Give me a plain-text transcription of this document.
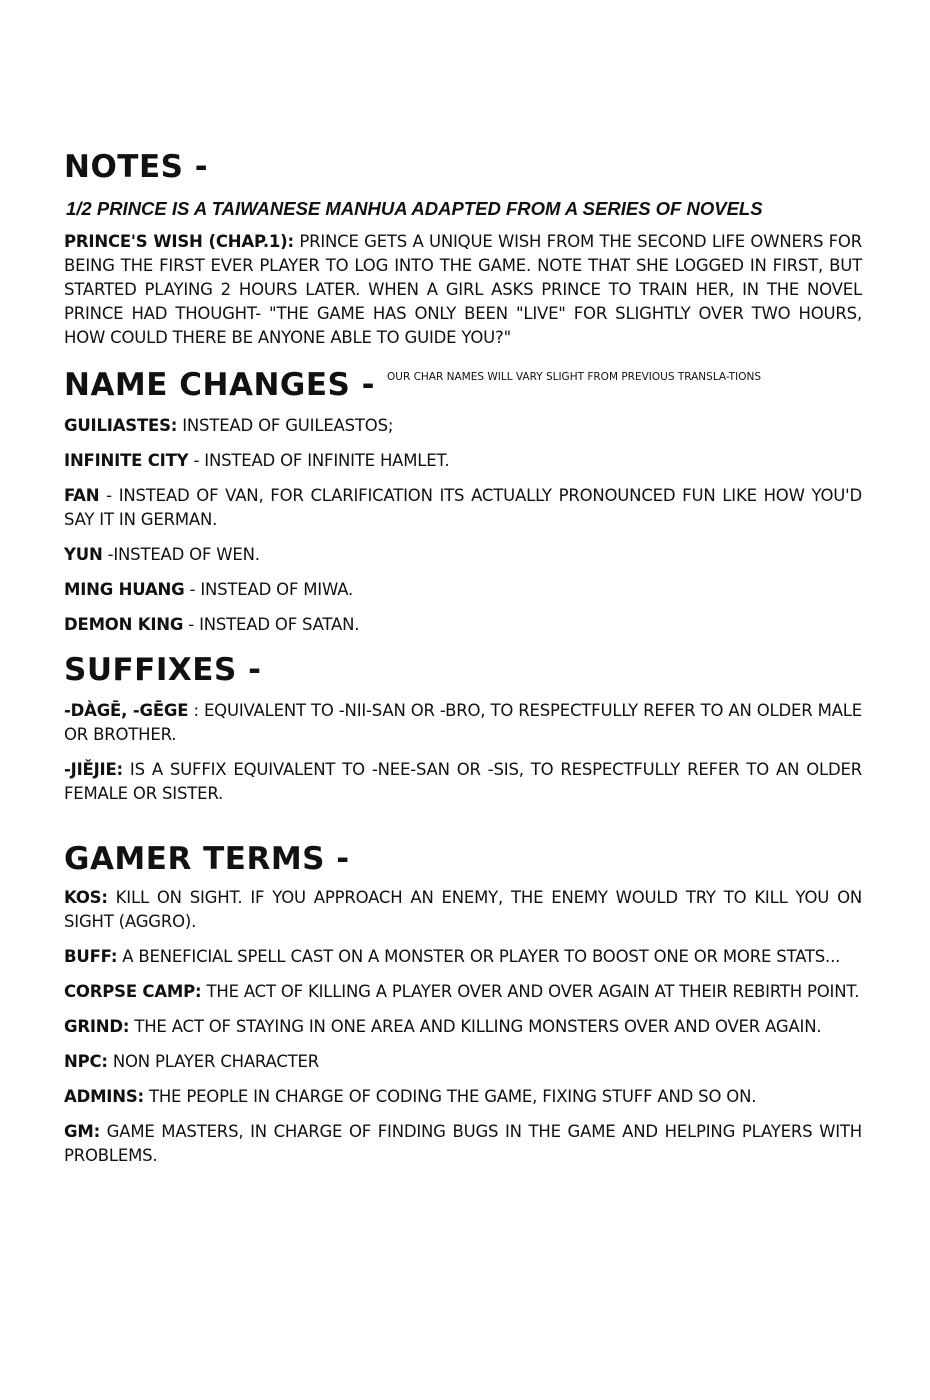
NOTES -
1/2 PRINCE IS A TAIWANESE MANHUA ADAPTED FROM A SERIES OF NOVELS

PRINCE'S WISH (CHAP.1): PRINCE GETS A UNIQUE WISH FROM THE SECOND LIFE OWNERS FOR BEING THE FIRST EVER PLAYER TO LOG INTO THE GAME. NOTE THAT SHE LOGGED IN FIRST, BUT STARTED PLAYING 2 HOURS LATER. WHEN A GIRL ASKS PRINCE TO TRAIN HER, IN THE NOVEL PRINCE HAD THOUGHT- "THE GAME HAS ONLY BEEN "LIVE" FOR SLIGHTLY OVER TWO HOURS, HOW COULD THERE BE ANYONE ABLE TO GUIDE YOU?"

NAME CHANGES - OUR CHAR NAMES WILL VARY SLIGHT FROM PREVIOUS TRANSLA-TIONS

GUILIASTES: INSTEAD OF GUILEASTOS;

INFINITE CITY - INSTEAD OF INFINITE HAMLET.

FAN - INSTEAD OF VAN, FOR CLARIFICATION ITS ACTUALLY PRONOUNCED FUN LIKE HOW YOU'D SAY IT IN GERMAN.

YUN -INSTEAD OF WEN.

MING HUANG - INSTEAD OF MIWA.

DEMON KING - INSTEAD OF SATAN.

SUFFIXES -

-DÀGĒ, -GĒGE : EQUIVALENT TO -NII-SAN OR -BRO, TO RESPECTFULLY REFER TO AN OLDER MALE OR BROTHER.

-JIĚJIE: IS A SUFFIX EQUIVALENT TO -NEE-SAN OR -SIS, TO RESPECTFULLY REFER TO AN OLDER FEMALE OR SISTER.

GAMER TERMS -

KOS: KILL ON SIGHT. IF YOU APPROACH AN ENEMY, THE ENEMY WOULD TRY TO KILL YOU ON SIGHT (AGGRO).

BUFF: A BENEFICIAL SPELL CAST ON A MONSTER OR PLAYER TO BOOST ONE OR MORE STATS...

CORPSE CAMP: THE ACT OF KILLING A PLAYER OVER AND OVER AGAIN AT THEIR REBIRTH POINT.

GRIND: THE ACT OF STAYING IN ONE AREA AND KILLING MONSTERS OVER AND OVER AGAIN.

NPC: NON PLAYER CHARACTER

ADMINS: THE PEOPLE IN CHARGE OF CODING THE GAME, FIXING STUFF AND SO ON.

GM: GAME MASTERS, IN CHARGE OF FINDING BUGS IN THE GAME AND HELPING PLAYERS WITH PROBLEMS.
